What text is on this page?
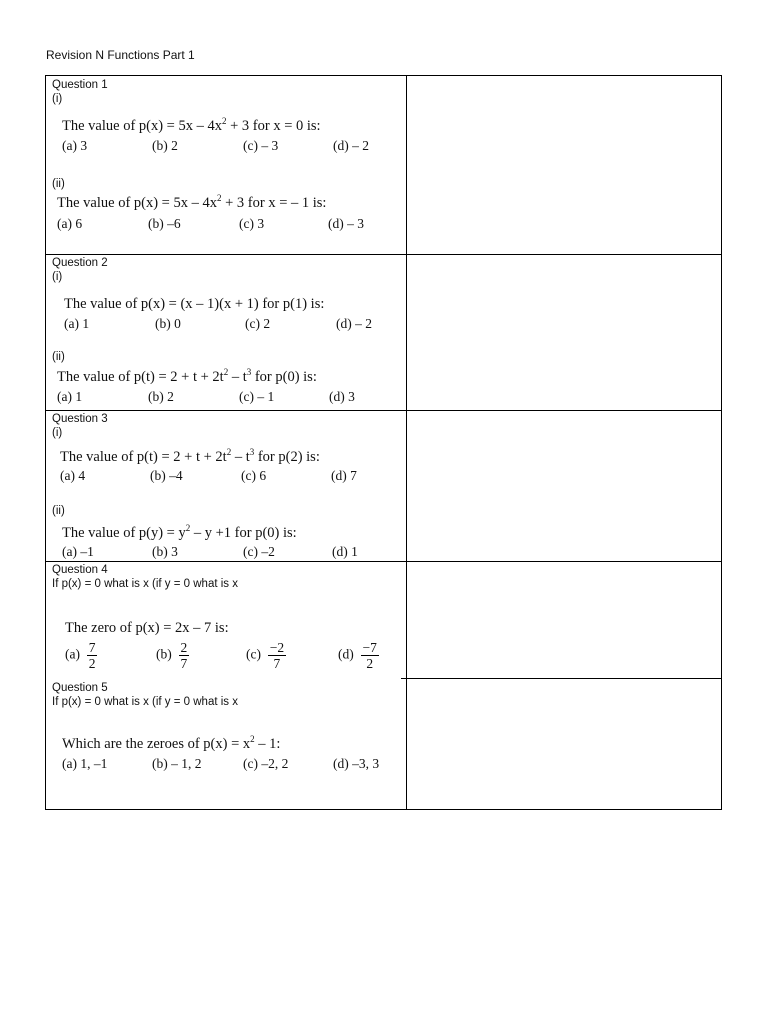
Revision N Functions Part 1
Question 1
(i)
The value of $p(x) = 5x - 4x^2 + 3$ for x = 0 is:
(a) 3	(b) 2	(c) – 3	(d) – 2
(ii)
The value of $p(x) = 5x - 4x^2 + 3$ for x = – 1 is:
(a) 6	(b) –6	(c) 3	(d) – 3
Question 2
(i)
The value of p(x) = (x – 1)(x + 1) for p(1) is:
(a) 1	(b) 0	(c) 2	(d) – 2
(ii)
The value of $p(t) = 2 + t + 2t^2 - t^3$ for p(0) is:
(a) 1	(b) 2	(c) – 1	(d) 3
Question 3
(i)
The value of $p(t) = 2 + t + 2t^2 - t^3$ for p(2) is:
(a) 4	(b) –4	(c) 6	(d) 7
(ii)
The value of $p(y) = y^2 - y +1$ for p(0) is:
(a) –1	(b) 3	(c) –2	(d) 1
Question 4
If p(x) = 0 what is x (if y = 0 what is x
The zero of p(x) = 2x – 7 is:
$(a) \frac{7}{2}$	$(b) \frac{2}{7}$	$(c) \frac{-2}{7}$	$(d) \frac{-7}{2}$
Question 5
If p(x) = 0 what is x (if y = 0 what is x
Which are the zeroes of $p(x) = x^2 - 1$:
(a) 1, –1	(b) – 1, 2	(c) –2, 2	(d) –3, 3
